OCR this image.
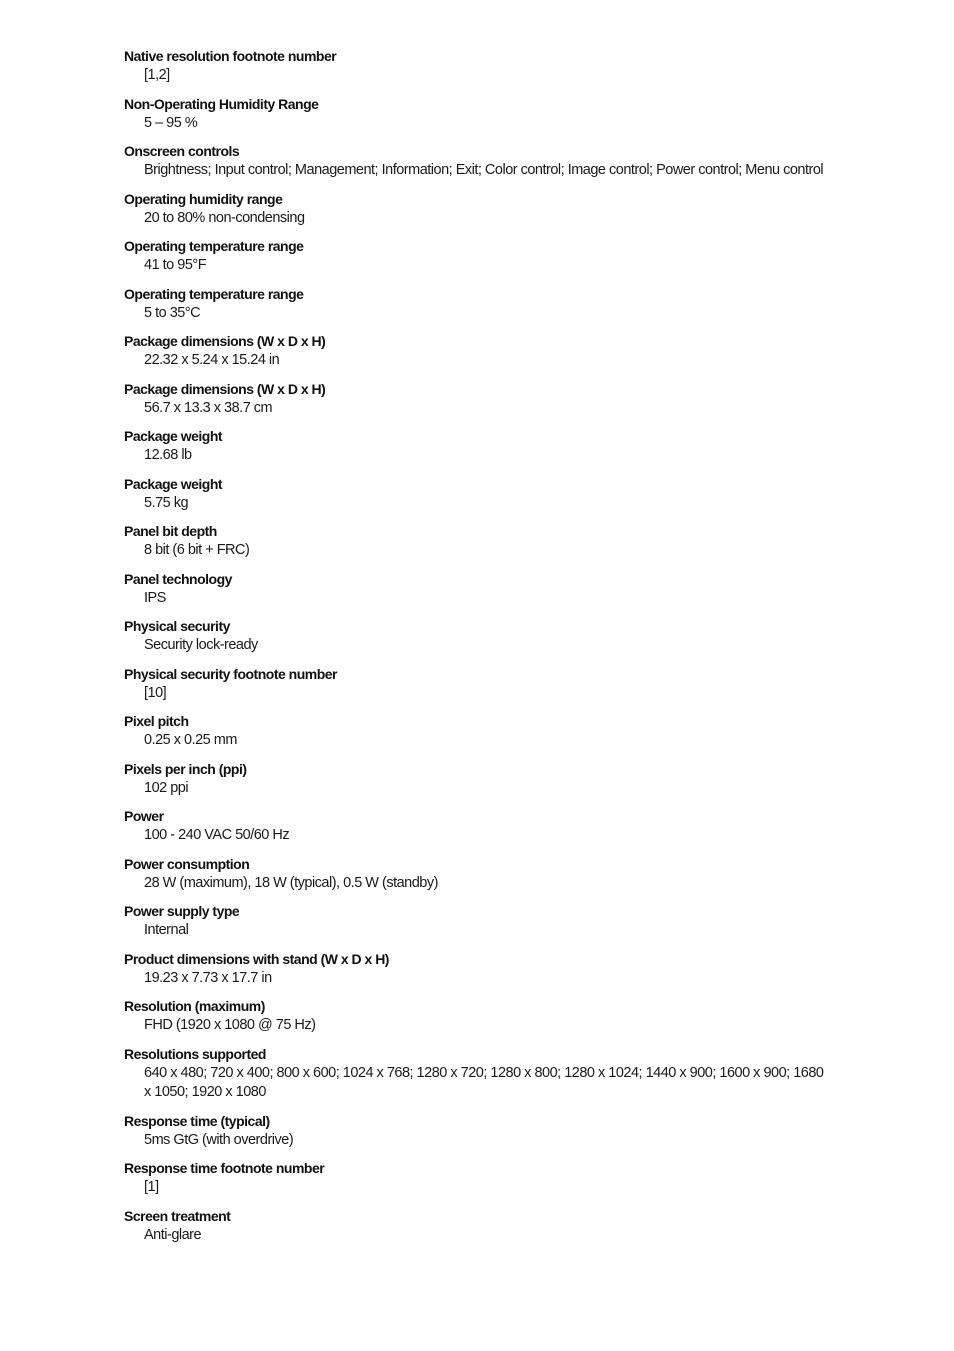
Native resolution footnote number
[1,2]
Non-Operating Humidity Range
5 – 95 %
Onscreen controls
Brightness; Input control; Management; Information; Exit; Color control; Image control; Power control; Menu control
Operating humidity range
20 to 80% non-condensing
Operating temperature range
41 to 95°F
Operating temperature range
5 to 35°C
Package dimensions (W x D x H)
22.32 x 5.24 x 15.24 in
Package dimensions (W x D x H)
56.7 x 13.3 x 38.7 cm
Package weight
12.68 lb
Package weight
5.75 kg
Panel bit depth
8 bit (6 bit + FRC)
Panel technology
IPS
Physical security
Security lock-ready
Physical security footnote number
[10]
Pixel pitch
0.25 x 0.25 mm
Pixels per inch (ppi)
102 ppi
Power
100 - 240 VAC 50/60 Hz
Power consumption
28 W (maximum), 18 W (typical), 0.5 W (standby)
Power supply type
Internal
Product dimensions with stand (W x D x H)
19.23 x 7.73 x 17.7 in
Resolution (maximum)
FHD (1920 x 1080 @ 75 Hz)
Resolutions supported
640 x 480; 720 x 400; 800 x 600; 1024 x 768; 1280 x 720; 1280 x 800; 1280 x 1024; 1440 x 900; 1600 x 900; 1680 x 1050; 1920 x 1080
Response time (typical)
5ms GtG (with overdrive)
Response time footnote number
[1]
Screen treatment
Anti-glare
